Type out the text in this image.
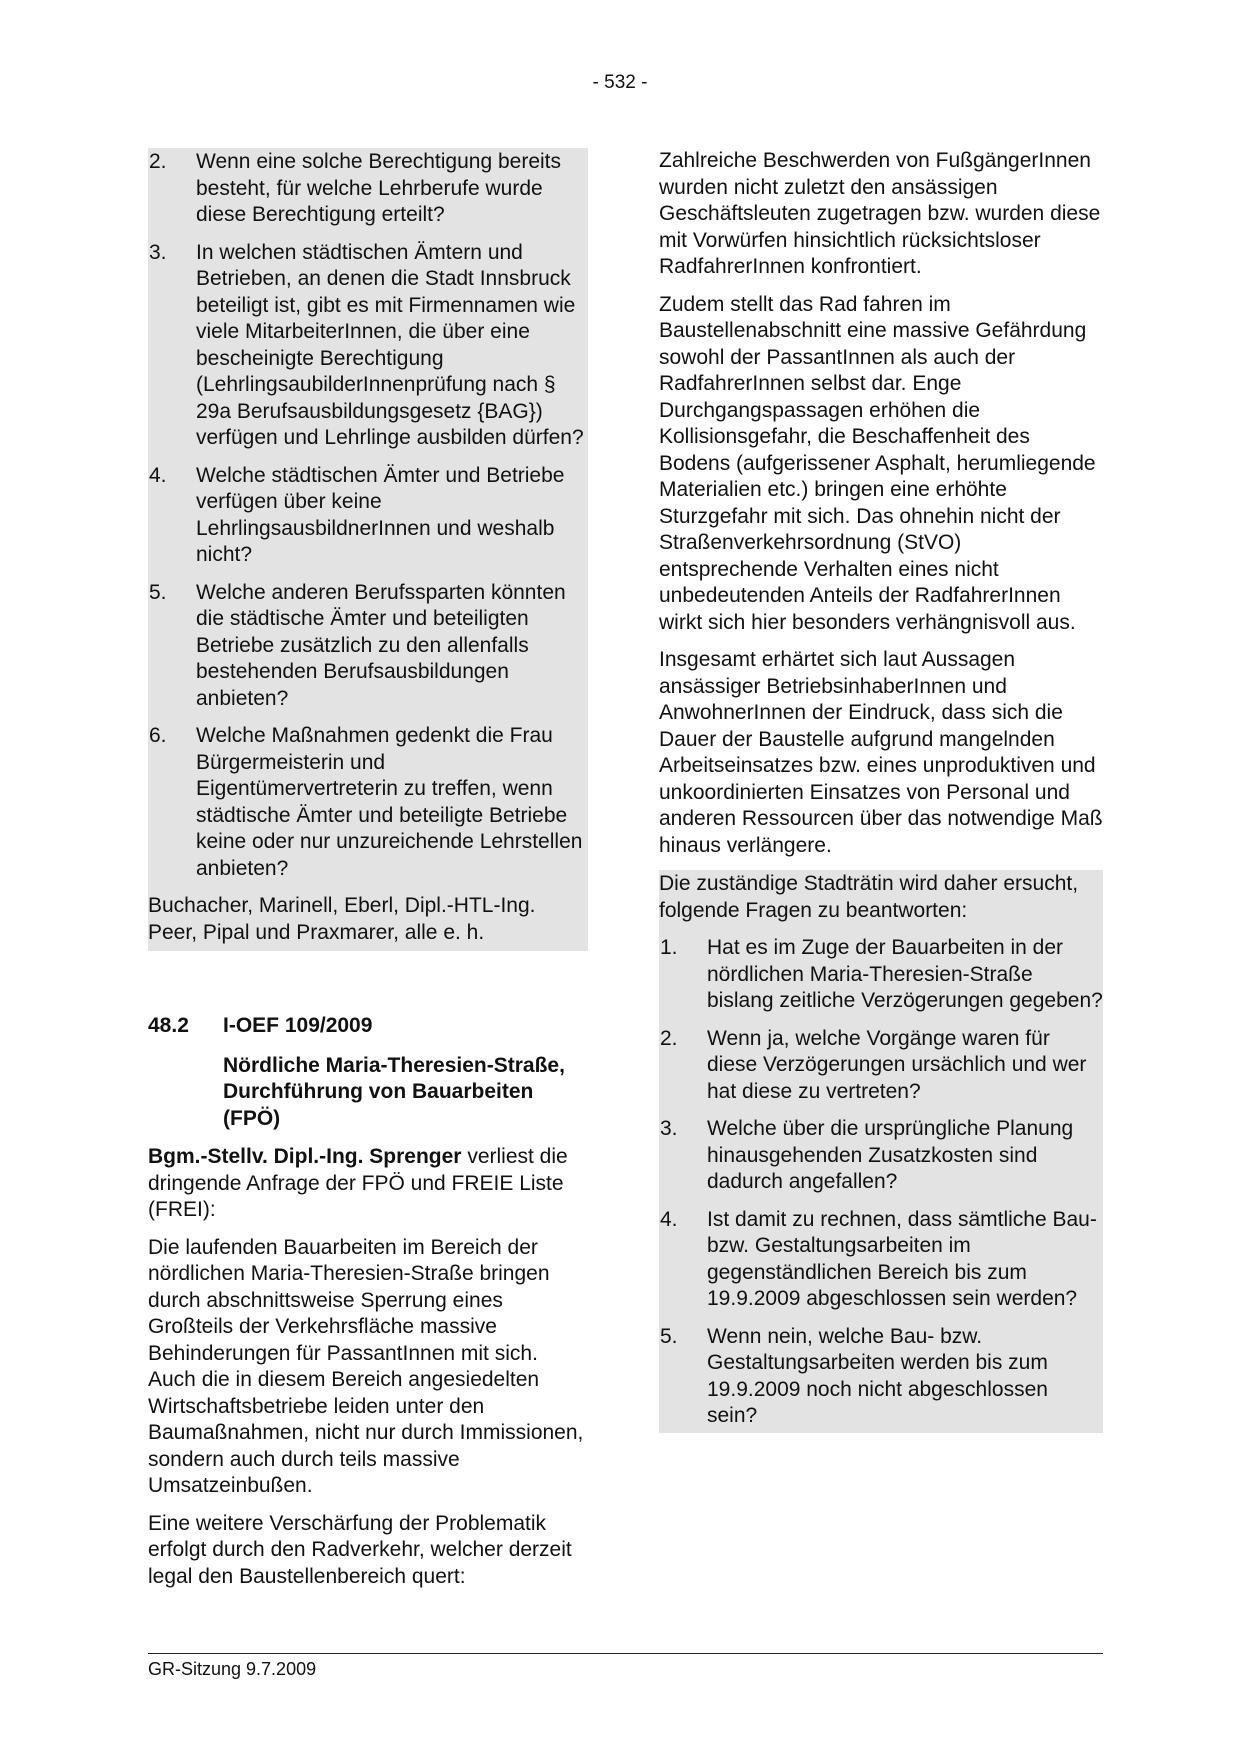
- 532 -
2.	Wenn eine solche Berechtigung bereits besteht, für welche Lehrberufe wurde diese Berechtigung erteilt?
3.	In welchen städtischen Ämtern und Betrieben, an denen die Stadt Innsbruck beteiligt ist, gibt es mit Firmennamen wie viele MitarbeiterInnen, die über eine bescheinigte Berechtigung (LehrlingsaubilderInnenprüfung nach § 29a Berufsausbildungsgesetz {BAG}) verfügen und Lehrlinge ausbilden dürfen?
4.	Welche städtischen Ämter und Betriebe verfügen über keine LehrlingsausbildnerInnen und weshalb nicht?
5.	Welche anderen Berufssparten könnten die städtische Ämter und beteiligten Betriebe zusätzlich zu den allenfalls bestehenden Berufsausbildungen anbieten?
6.	Welche Maßnahmen gedenkt die Frau Bürgermeisterin und Eigentümervertreterin zu treffen, wenn städtische Ämter und beteiligte Betriebe keine oder nur unzureichende Lehrstellen anbieten?

Buchacher, Marinell, Eberl, Dipl.-HTL-Ing. Peer, Pipal und Praxmarer, alle e. h.

48.2	I-OEF 109/2009
Nördliche Maria-Theresien-Straße, Durchführung von Bauarbeiten (FPÖ)

Bgm.-Stellv. Dipl.-Ing. Sprenger verliest die dringende Anfrage der FPÖ und FREIE Liste (FREI):

Die laufenden Bauarbeiten im Bereich der nördlichen Maria-Theresien-Straße bringen durch abschnittsweise Sperrung eines Großteils der Verkehrsfläche massive Behinderungen für PassantInnen mit sich. Auch die in diesem Bereich angesiedelten Wirtschaftsbetriebe leiden unter den Baumaßnahmen, nicht nur durch Immissionen, sondern auch durch teils massive Umsatzeinbußen.

Eine weitere Verschärfung der Problematik erfolgt durch den Radverkehr, welcher derzeit legal den Baustellenbereich quert:

Zahlreiche Beschwerden von FußgängerInnen wurden nicht zuletzt den ansässigen Geschäftsleuten zugetragen bzw. wurden diese mit Vorwürfen hinsichtlich rücksichtsloser RadfahrerInnen konfrontiert.

Zudem stellt das Rad fahren im Baustellenabschnitt eine massive Gefährdung sowohl der PassantInnen als auch der RadfahrerInnen selbst dar. Enge Durchgangspassagen erhöhen die Kollisionsgefahr, die Beschaffenheit des Bodens (aufgerissener Asphalt, herumliegende Materialien etc.) bringen eine erhöhte Sturzgefahr mit sich. Das ohnehin nicht der Straßenverkehrsordnung (StVO) entsprechende Verhalten eines nicht unbedeutenden Anteils der RadfahrerInnen wirkt sich hier besonders verhängnisvoll aus.

Insgesamt erhärtet sich laut Aussagen ansässiger BetriebsinhaberInnen und AnwohnerInnen der Eindruck, dass sich die Dauer der Baustelle aufgrund mangelnden Arbeitseinsatzes bzw. eines unproduktiven und unkoordinierten Einsatzes von Personal und anderen Ressourcen über das notwendige Maß hinaus verlängere.

Die zuständige Stadträtin wird daher ersucht, folgende Fragen zu beantworten:

1.	Hat es im Zuge der Bauarbeiten in der nördlichen Maria-Theresien-Straße bislang zeitliche Verzögerungen gegeben?
2.	Wenn ja, welche Vorgänge waren für diese Verzögerungen ursächlich und wer hat diese zu vertreten?
3.	Welche über die ursprüngliche Planung hinausgehenden Zusatzkosten sind dadurch angefallen?
4.	Ist damit zu rechnen, dass sämtliche Bau- bzw. Gestaltungsarbeiten im gegenständlichen Bereich bis zum 19.9.2009 abgeschlossen sein werden?
5.	Wenn nein, welche Bau- bzw. Gestaltungsarbeiten werden bis zum 19.9.2009 noch nicht abgeschlossen sein?
GR-Sitzung 9.7.2009
